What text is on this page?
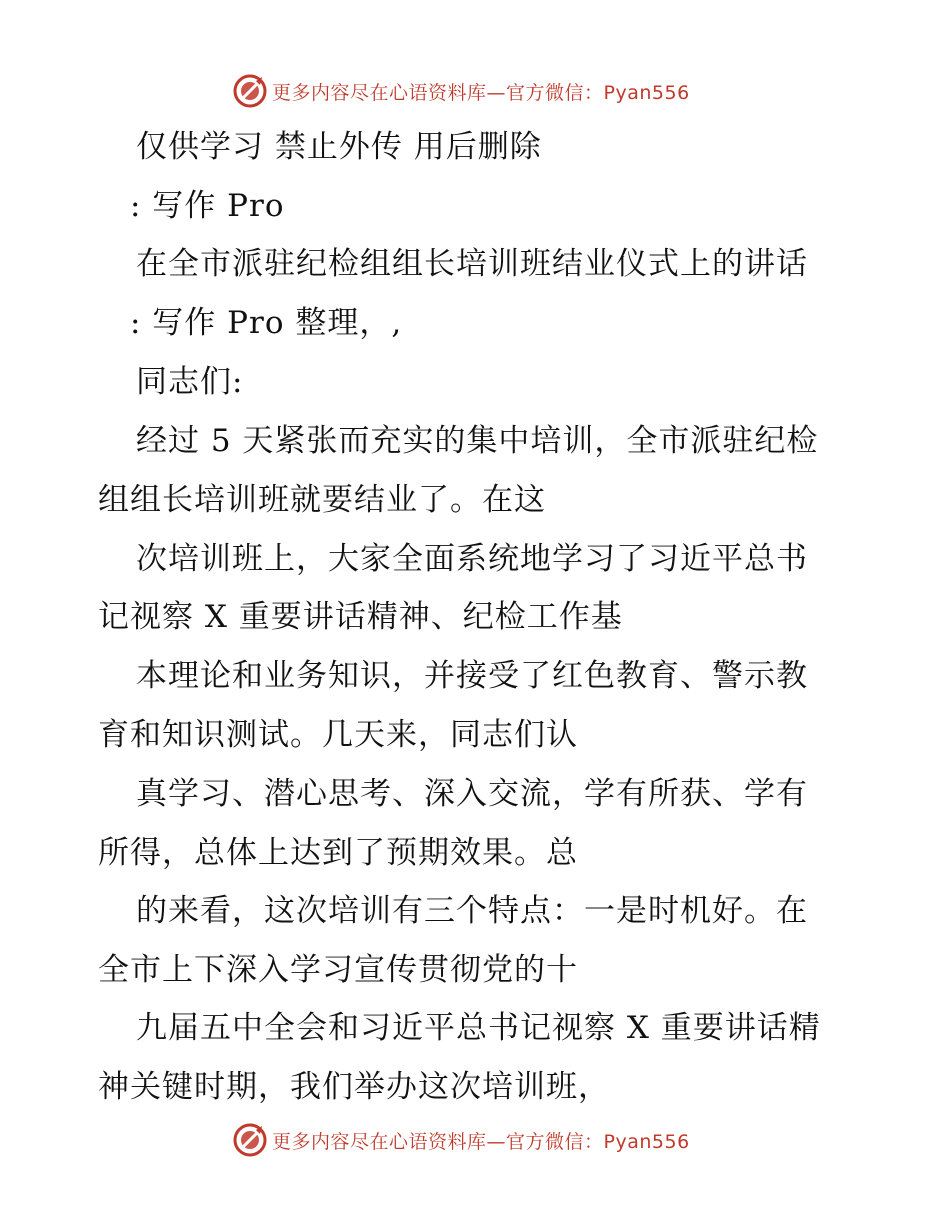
更多内容尽在心语资料库—官方微信：Pyan556
仅供学习 禁止外传 用后删除
: 写作 Pro
在全市派驻纪检组组长培训班结业仪式上的讲话
: 写作 Pro 整理，,
同志们:
经过 5 天紧张而充实的集中培训，全市派驻纪检
组组长培训班就要结业了。在这
次培训班上，大家全面系统地学习了习近平总书
记视察 X 重要讲话精神、纪检工作基
本理论和业务知识，并接受了红色教育、警示教
育和知识测试。几天来，同志们认
真学习、潜心思考、深入交流，学有所获、学有
所得，总体上达到了预期效果。总
的来看，这次培训有三个特点：一是时机好。在
全市上下深入学习宣传贯彻党的十
九届五中全会和习近平总书记视察 X 重要讲话精
神关键时期，我们举办这次培训班，
更多内容尽在心语资料库—官方微信：Pyan556
